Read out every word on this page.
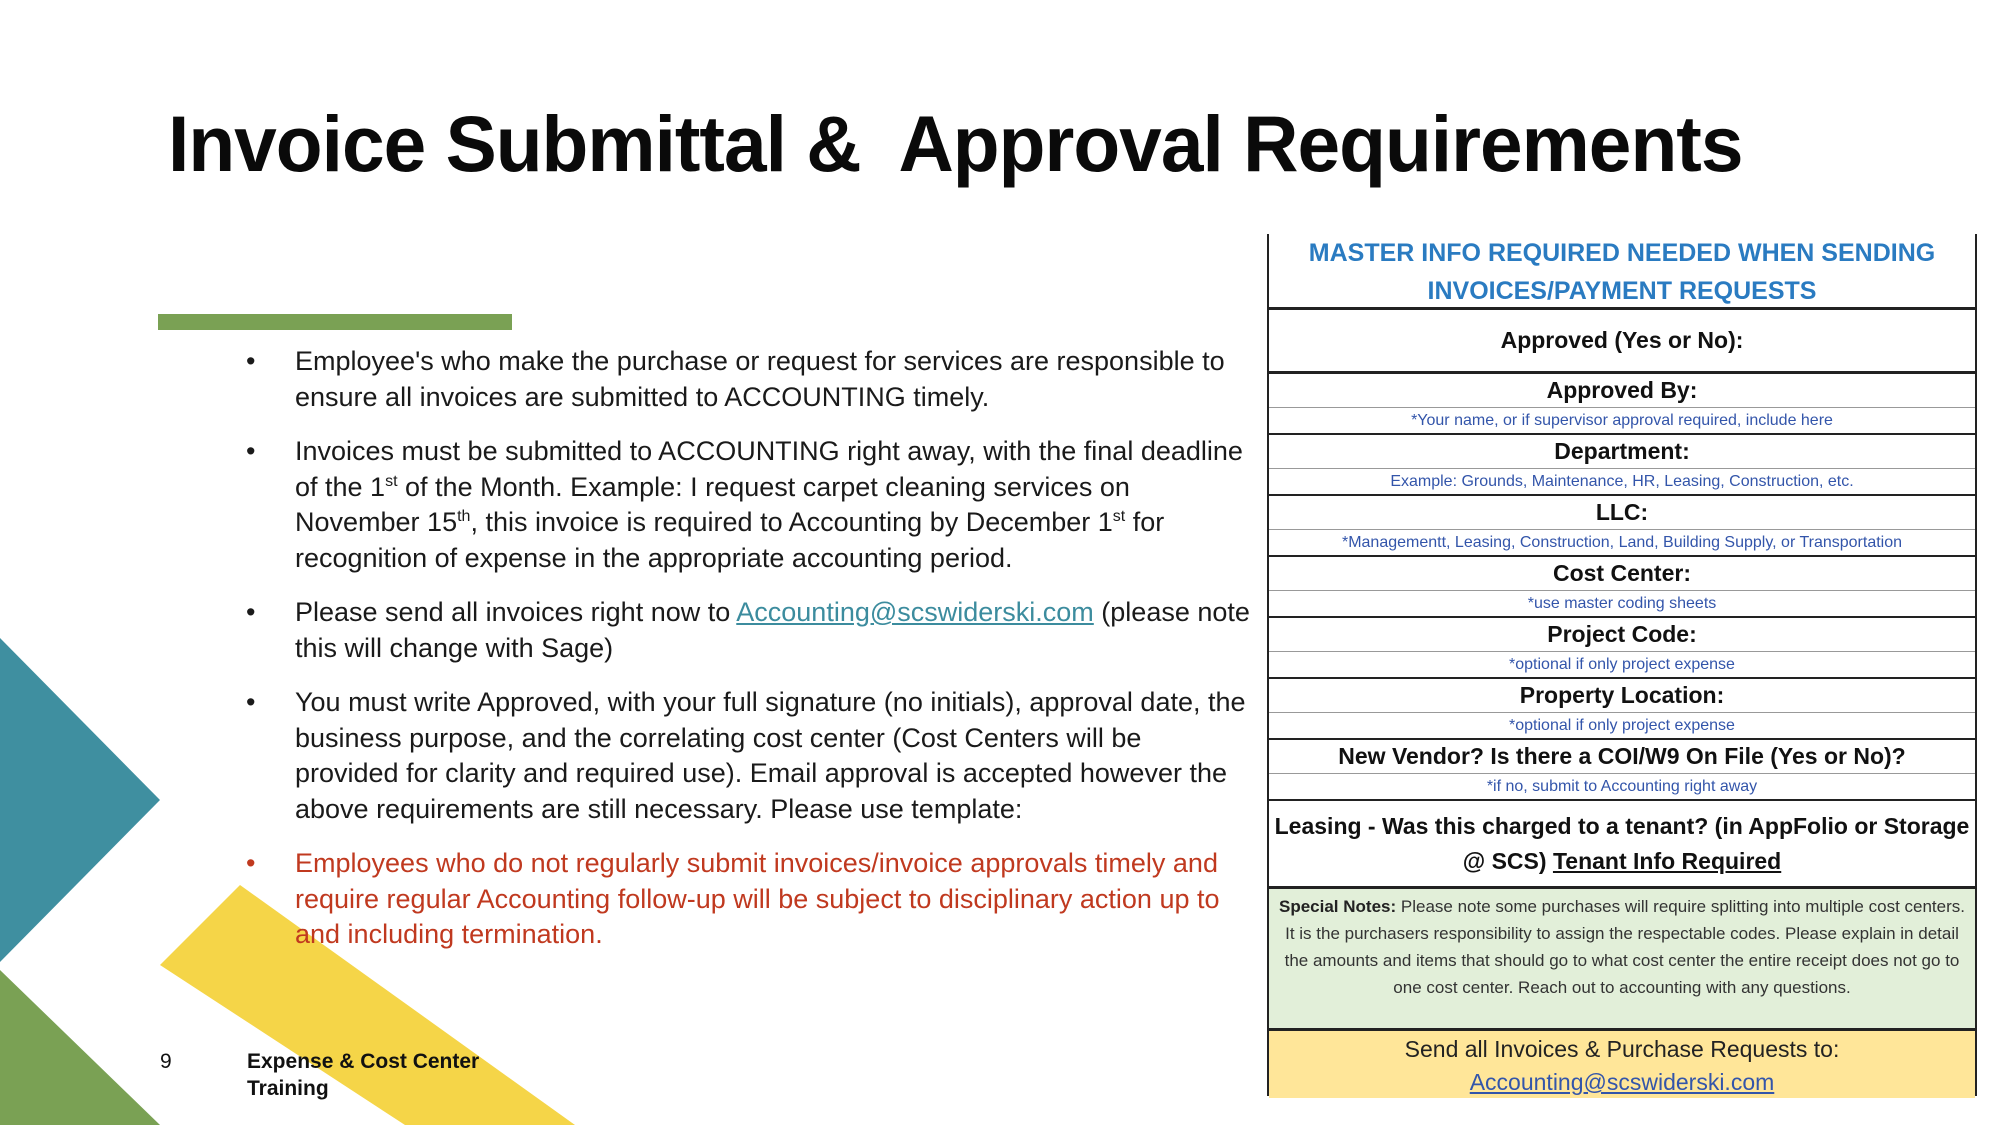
Invoice Submittal &  Approval Requirements
• Employee's who make the purchase or request for services are responsible to ensure all invoices are submitted to ACCOUNTING timely.
• Invoices must be submitted to ACCOUNTING right away, with the final deadline of the 1st of the Month. Example: I request carpet cleaning services on November 15th, this invoice is required to Accounting by December 1st for recognition of expense in the appropriate accounting period.
• Please send all invoices right now to Accounting@scswiderski.com (please note this will change with Sage)
• You must write Approved, with your full signature (no initials), approval date, the business purpose, and the correlating cost center (Cost Centers will be provided for clarity and required use). Email approval is accepted however the above requirements are still necessary. Please use template:
• Employees who do not regularly submit invoices/invoice approvals timely and require regular Accounting follow-up will be subject to disciplinary action up to and including termination.
9	Expense & Cost Center Training
MASTER INFO REQUIRED NEEDED WHEN SENDING INVOICES/PAYMENT REQUESTS
Approved (Yes or No):
Approved By:
*Your name, or if supervisor approval required, include here
Department:
Example: Grounds, Maintenance, HR, Leasing, Construction, etc.
LLC:
*Managementt, Leasing, Construction, Land, Building Supply, or Transportation
Cost Center:
*use master coding sheets
Project Code:
*optional if only project expense
Property Location:
*optional if only project expense
New Vendor? Is there a COI/W9 On File (Yes or No)?
*if no, submit to Accounting right away
Leasing - Was this charged to a tenant? (in AppFolio or Storage @ SCS) Tenant Info Required
Special Notes: Please note some purchases will require splitting into multiple cost centers. It is the purchasers responsibility to assign the respectable codes. Please explain in detail the amounts and items that should go to what cost center the entire receipt does not go to one cost center. Reach out to accounting with any questions.
Send all Invoices & Purchase Requests to:
Accounting@scswiderski.com
